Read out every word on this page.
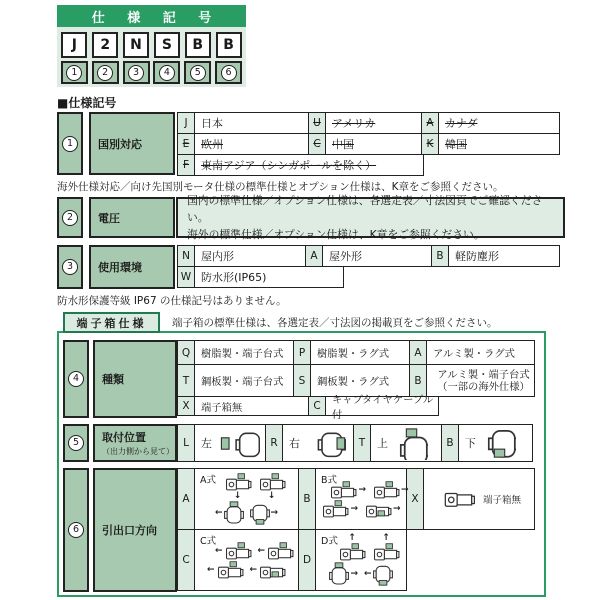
仕 様 記 号
J
1
2
2
N
3
S
4
B
5
B
6
■仕様記号
1	国別対応
J	日本	U	アメリカ	A	カナダ
E	欧州	C	中国	K	韓国
F	東南アジア（シンガポールを除く）
海外仕様対応／向け先国別モータ仕様の標準仕様とオプション仕様は、K章をご参照ください。
2	電圧
国内の標準仕様／オプション仕様は、各選定表／寸法図頁でご確認ください。
海外の標準仕様／オプション仕様は、K章をご参照ください。
3	使用環境
N	屋内形	A	屋外形	B	軽防塵形
W 防水形(IP65)
防水形保護等級 IP67 の仕様記号はありません。
端子箱仕様	端子箱の標準仕様は、各選定表／寸法図の掲載頁をご参照ください。
4	種類
Q	樹脂製・端子台式	P	樹脂製・ラグ式	A	アルミ製・ラグ式
T	鋼板製・端子台式	S	鋼板製・ラグ式	B	アルミ製・端子台式
（一部の海外仕様）
X	端子箱無	C	キャブタイヤケーブル付
5	取付位置
（出力側から見て）
L	左	R	右	T	上	B	下
6	引出口方向
A
A式
↓	↓
←	→
B
B式
→	→
→	→
X	端子箱無
C
C式
←	←
←	←
D
D式 ↑	↑
→ ←
